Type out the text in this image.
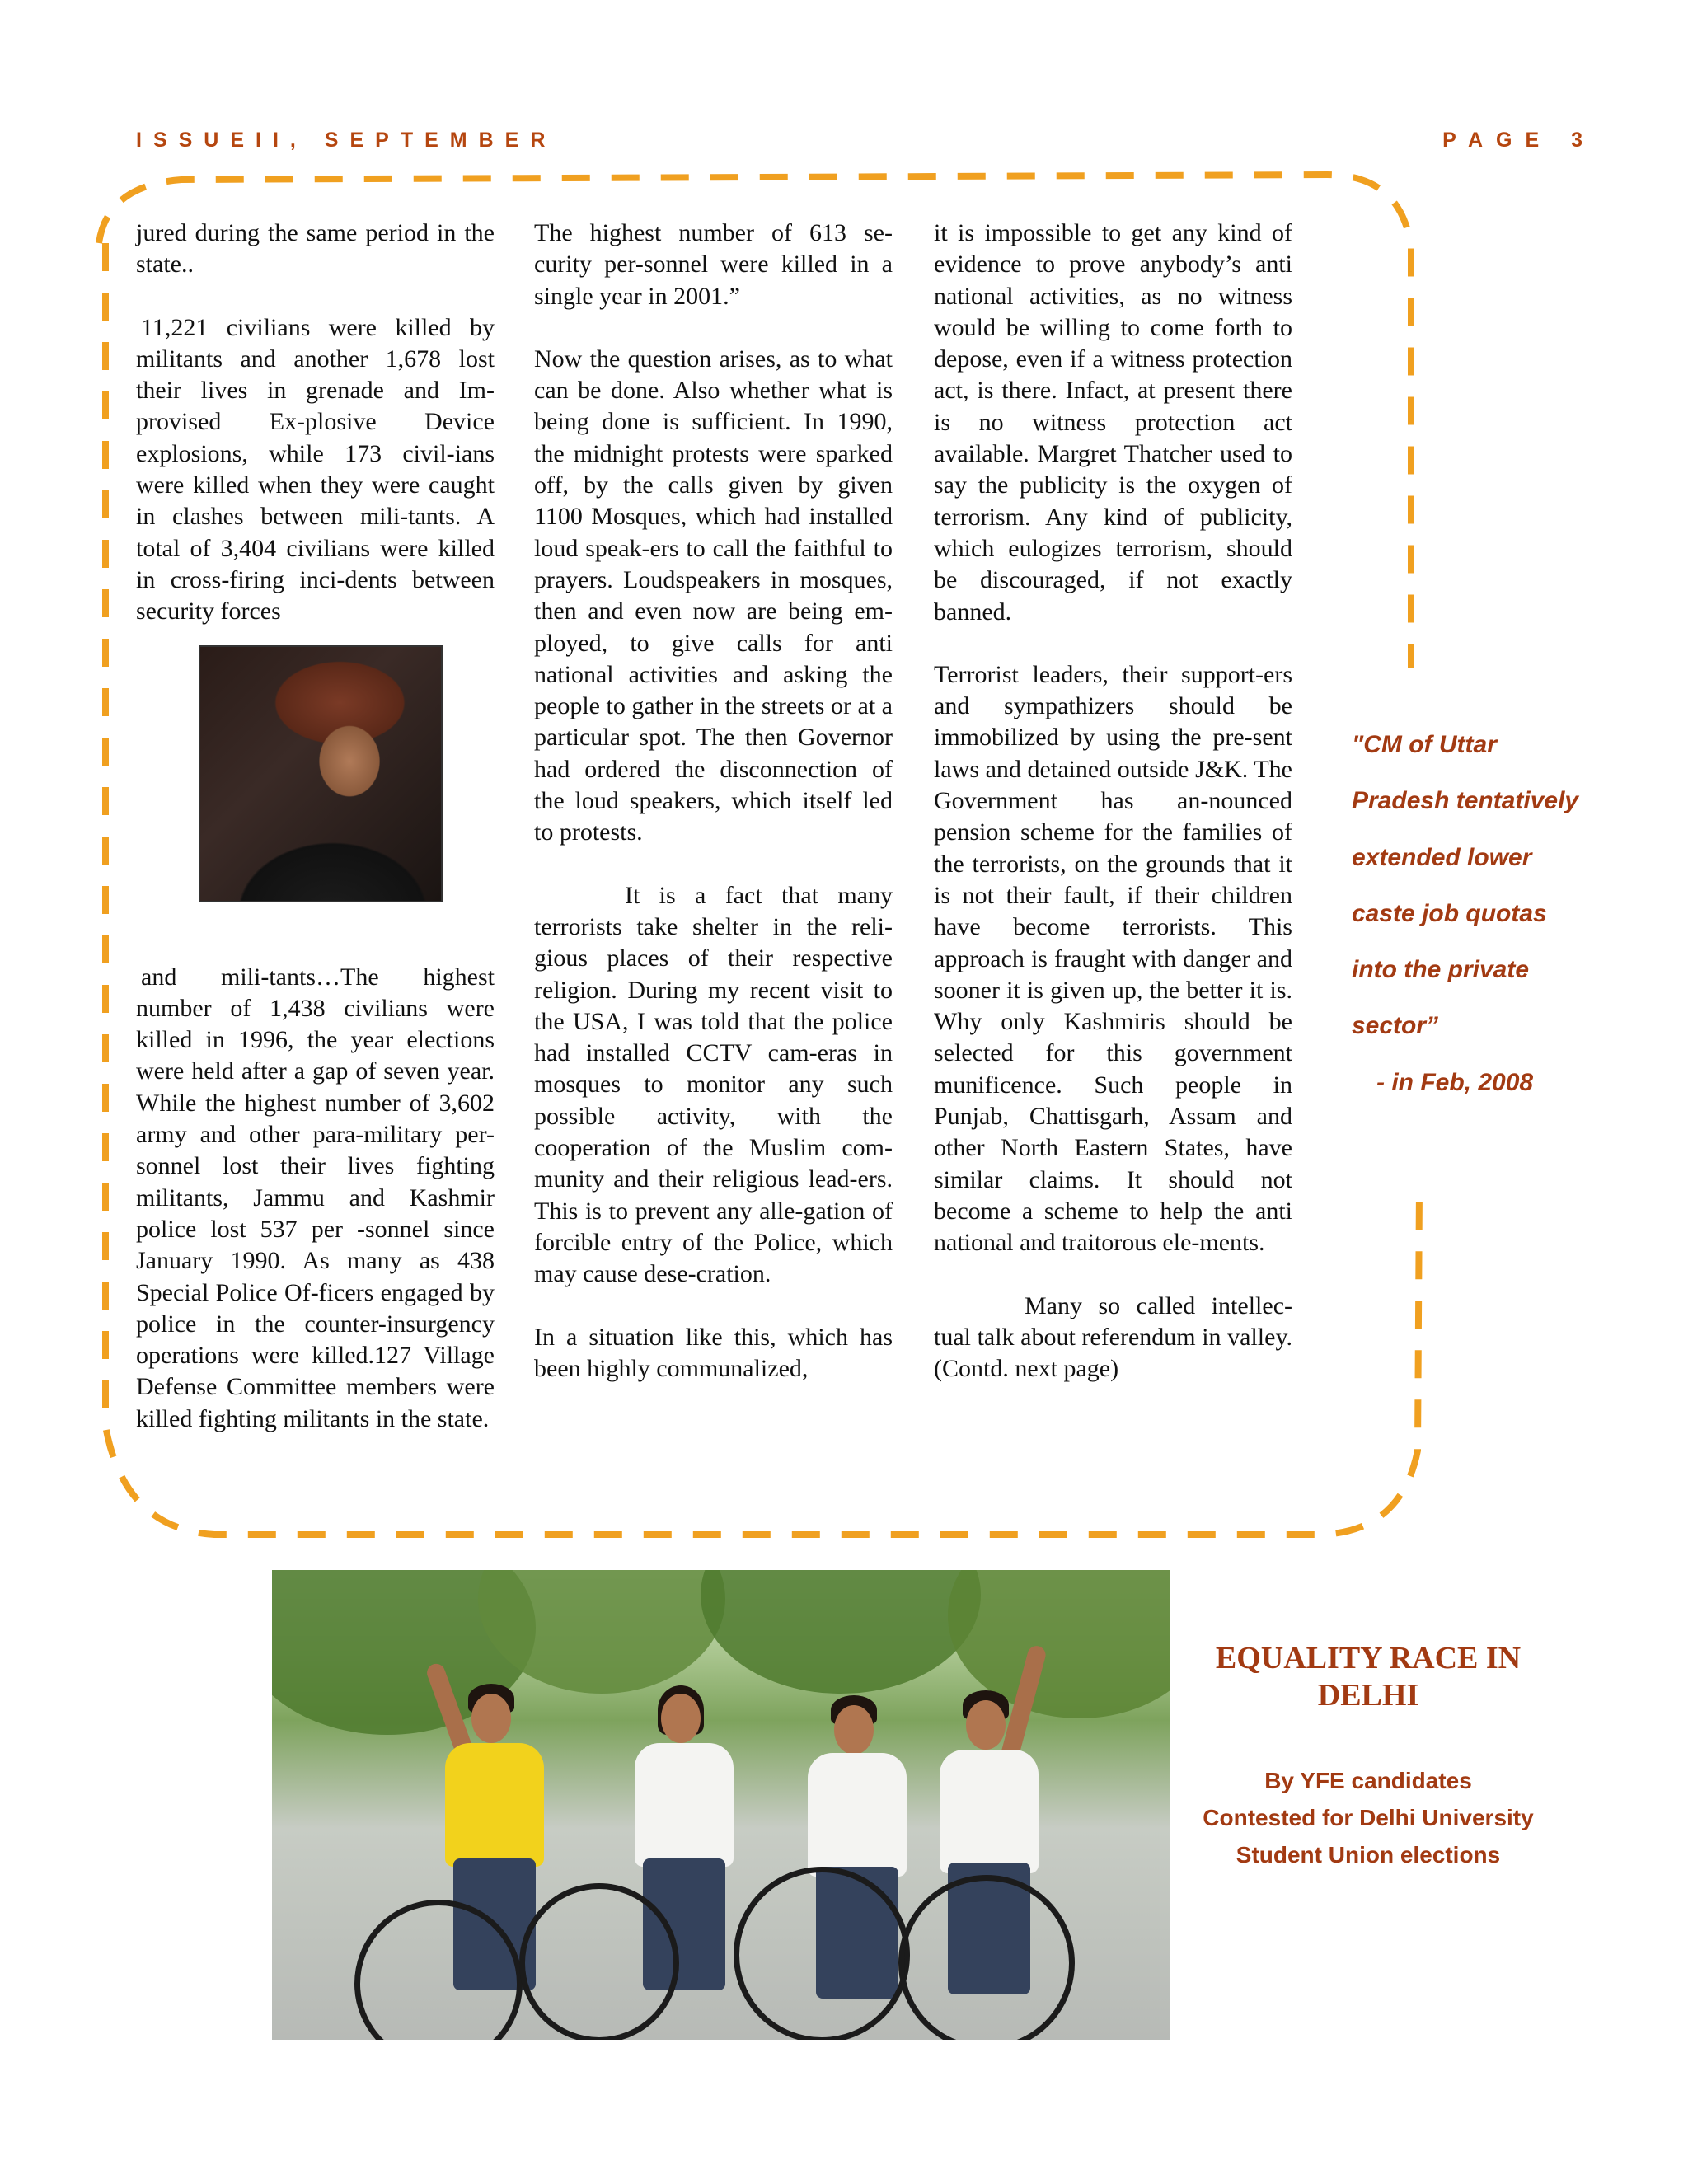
ISSUEII, SEPTEMBER	PAGE 3

jured during the same period in the state..

11,221 civilians were killed by militants and another 1,678 lost their lives in grenade and Im-provised Ex-plosive Device explosions, while 173 civil-ians were killed when they were caught in clashes between mili-tants. A total of 3,404 civilians were killed in cross-firing inci-dents between security forces

and mili-tants…The highest number of 1,438 civilians were killed in 1996, the year elections were held after a gap of seven year. While the highest number of 3,602 army and other para-military per-sonnel lost their lives fighting militants, Jammu and Kashmir police lost 537 per -sonnel since January 1990. As many as 438 Special Police Of-ficers engaged by police in the counter-insurgency operations were killed.127 Village Defense Committee members were killed fighting militants in the state.

The highest number of 613 se-curity per-sonnel were killed in a single year in 2001.”

Now the question arises, as to what can be done. Also whether what is being done is sufficient. In 1990, the midnight protests were sparked off, by the calls given by given 1100 Mosques, which had installed loud speak-ers to call the faithful to prayers. Loudspeakers in mosques, then and even now are being em-ployed, to give calls for anti national activities and asking the people to gather in the streets or at a particular spot. The then Governor had ordered the disconnection of the loud speakers, which itself led to protests.

It is a fact that many terrorists take shelter in the reli-gious places of their respective religion. During my recent visit to the USA, I was told that the police had installed CCTV cam-eras in mosques to monitor any such possible activity, with the cooperation of the Muslim com-munity and their religious lead-ers. This is to prevent any alle-gation of forcible entry of the Police, which may cause dese-cration.

In a situation like this, which has been highly communalized,

it is impossible to get any kind of evidence to prove anybody’s anti national activities, as no witness would be willing to come forth to depose, even if a witness protection act, is there. Infact, at present there is no witness protection act available. Margret Thatcher used to say the publicity is the oxygen of terrorism. Any kind of publicity, which eulogizes terrorism, should be discouraged, if not exactly banned.

Terrorist leaders, their support-ers and sympathizers should be immobilized by using the pre-sent laws and detained outside J&K. The Government has an-nounced pension scheme for the families of the terrorists, on the grounds that it is not their fault, if their children have become terrorists. This approach is fraught with danger and sooner it is given up, the better it is. Why only Kashmiris should be selected for this government munificence. Such people in Punjab, Chattisgarh, Assam and other North Eastern States, have similar claims. It should not become a scheme to help the anti national and traitorous ele-ments.

Many so called intellec-tual talk about referendum in valley. (Contd. next page)

"CM of Uttar Pradesh tentatively extended lower caste job quotas into the private sector”
- in Feb, 2008
EQUALITY RACE IN DELHI
By YFE candidates
Contested for Delhi University
Student Union elections
